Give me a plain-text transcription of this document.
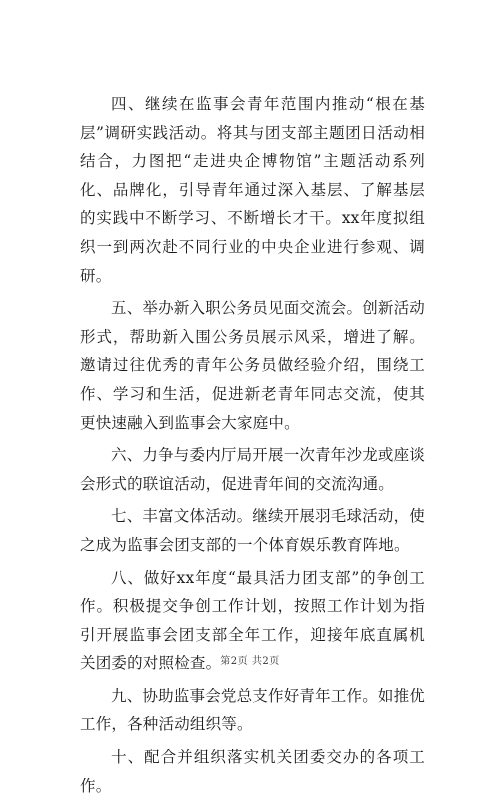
四、继续在监事会青年范围内推动“根在基层”调研实践活动。将其与团支部主题团日活动相结合，力图把“走进央企博物馆”主题活动系列化、品牌化，引导青年通过深入基层、了解基层的实践中不断学习、不断增长才干。xx年度拟组织一到两次赴不同行业的中央企业进行参观、调研。

五、举办新入职公务员见面交流会。创新活动形式，帮助新入围公务员展示风采，增进了解。邀请过往优秀的青年公务员做经验介绍，围绕工作、学习和生活，促进新老青年同志交流，使其更快速融入到监事会大家庭中。

六、力争与委内厅局开展一次青年沙龙或座谈会形式的联谊活动，促进青年间的交流沟通。

七、丰富文体活动。继续开展羽毛球活动，使之成为监事会团支部的一个体育娱乐教育阵地。

八、做好xx年度“最具活力团支部”的争创工作。积极提交争创工作计划，按照工作计划为指引开展监事会团支部全年工作，迎接年底直属机关团委的对照检查。

九、协助监事会党总支作好青年工作。如推优工作，各种活动组织等。

十、配合并组织落实机关团委交办的各项工作。

第2页 共2页
